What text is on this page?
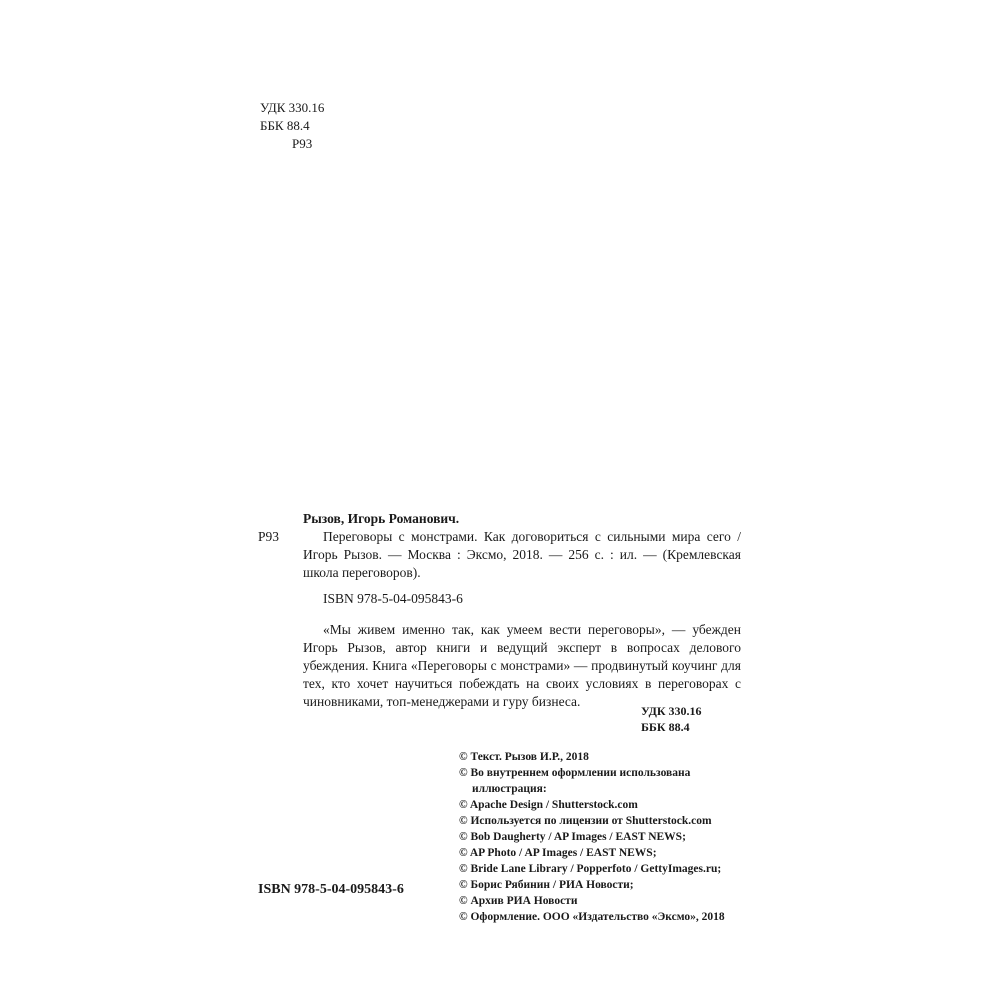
УДК 330.16
ББК 88.4
Р93
Р93
Рызов, Игорь Романович.
Переговоры с монстрами. Как договориться с сильными мира сего / Игорь Рызов. — Москва : Эксмо, 2018. — 256 с. : ил. — (Кремлевская школа переговоров).
ISBN 978-5-04-095843-6
«Мы живем именно так, как умеем вести переговоры», — убежден Игорь Рызов, автор книги и ведущий эксперт в вопросах делового убеждения. Книга «Переговоры с монстрами» — продвинутый коучинг для тех, кто хочет научиться побеждать на своих условиях в переговорах с чиновниками, топ-менеджерами и гуру бизнеса.
УДК 330.16
ББК 88.4
© Текст. Рызов И.Р., 2018
© Во внутреннем оформлении использована
иллюстрация:
© Apache Design / Shutterstock.com
© Используется по лицензии от Shutterstock.com
© Bob Daugherty / AP Images / EAST NEWS;
© AP Photo / AP Images / EAST NEWS;
© Bride Lane Library / Popperfoto / GettyImages.ru;
© Борис Рябинин / РИА Новости;
© Архив РИА Новости
© Оформление. ООО «Издательство «Эксмо», 2018
ISBN 978-5-04-095843-6
